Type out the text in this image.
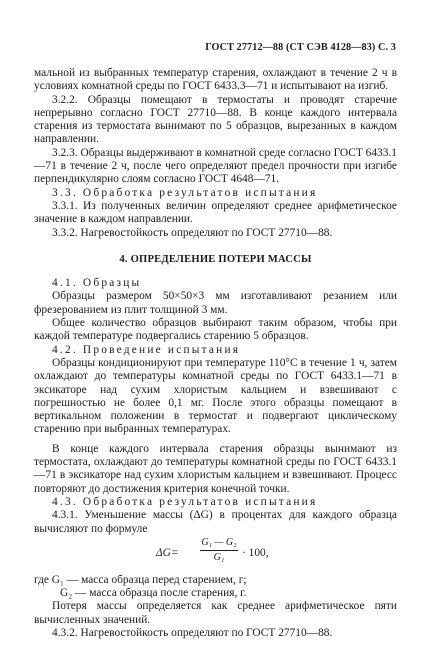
ГОСТ 27712—88 (СТ СЭВ 4128—83) С. 3

мальной из выбранных температур старения, охлаждают в течение 2 ч в условиях комнатной среды по ГОСТ 6433.3—71 и испытывают на изгиб.

3.2.2. Образцы помещают в термостаты и проводят старечие непрерывно согласно ГОСТ 27710—88. В конце каждого интервала старения из термостата вынимают по 5 образцов, вырезанных в каждом направлении.

3.2.3. Образцы выдерживают в комнатной среде согласно ГОСТ 6433.1—71 в течение 2 ч, после чего определяют предел прочности при изгибе перпендикулярно слоям согласно ГОСТ 4648—71.

3.3. Обработка результатов испытания

3.3.1. Из полученных величин определяют среднее арифметическое значение в каждом направлении.

3.3.2. Нагревостойкость определяют по ГОСТ 27710—88.

4. ОПРЕДЕЛЕНИЕ ПОТЕРИ МАССЫ

4.1. Образцы

Образцы размером 50×50×3 мм изготавливают резанием или фрезерованием из плит толщиной 3 мм.

Общее количество образцов выбирают таким образом, чтобы при каждой температуре подвергались старению 5 образцов.

4.2. Проведение испытания

Образцы кондиционируют при температуре 110°С в течение 1 ч, затем охлаждают до температуры комнатной среды по ГОСТ 6433.1—71 в эксикаторе над сухим хлористым кальцием и взвешивают с погрешностью не более 0,1 мг. После этого образцы помещают в вертикальном положении в термостат и подвергают циклическому старению при выбранных температурах.

В конце каждого интервала старения образцы вынимают из термостата, охлаждают до температуры комнатной среды по ГОСТ 6433.1—71 в эксикаторе над сухим хлористым кальцием и взвешивают. Процесс повторяют до достижения критерия конечной точки.

4.3. Обработка результатов испытания

4.3.1. Уменьшение массы (ΔG) в процентах для каждого образца вычисляют по формуле

$\Delta G= \frac{\text{G₁ — G₂}}{\text{G₁}} \cdot 100$,

где G₁ — масса образца перед старением, г;

G₂ — масса образца после старения, г.

Потеря массы определяется как среднее арифметическое пяти вычисленных значений.

4.3.2. Нагревостойкость определяют по ГОСТ 27710—88.
